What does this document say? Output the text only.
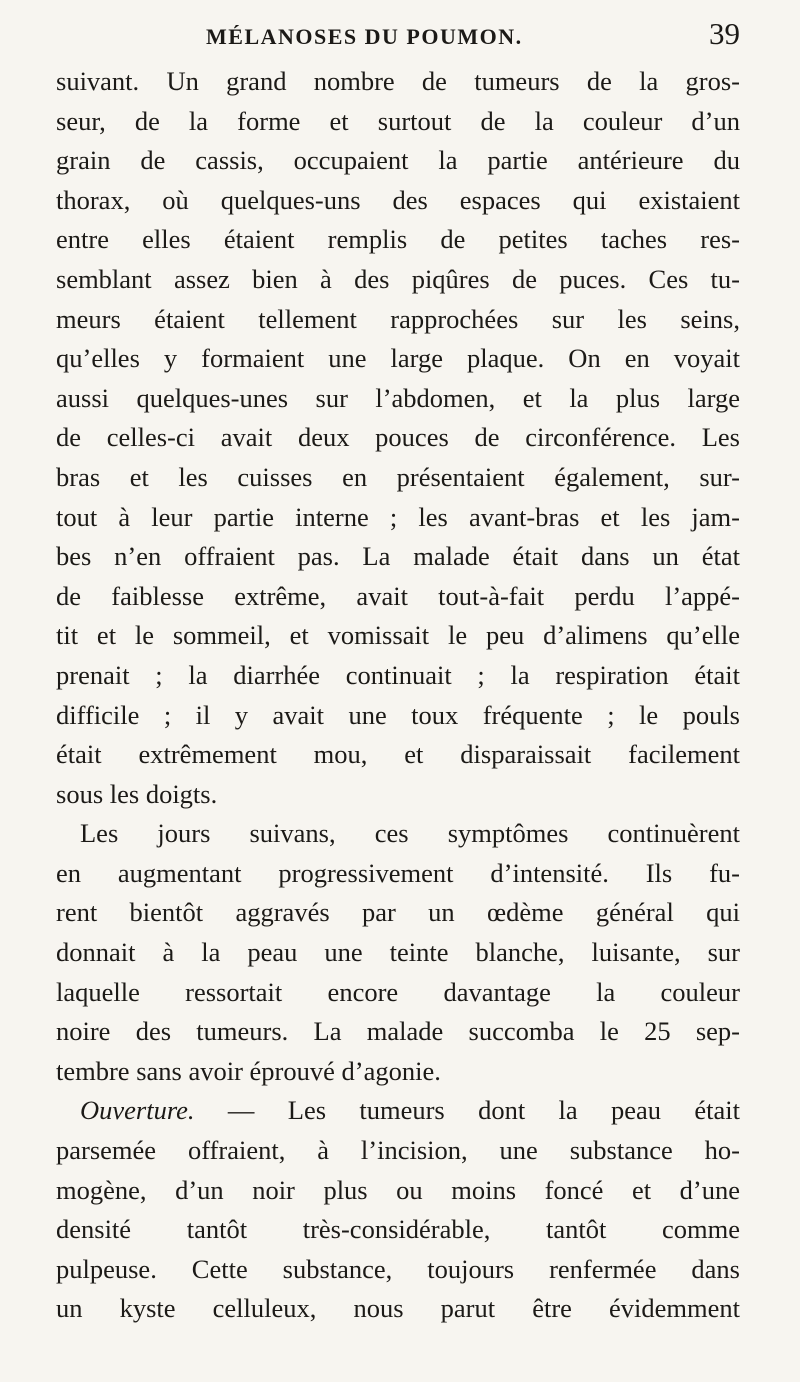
MÉLANOSES DU POUMON.	39
suivant. Un grand nombre de tumeurs de la gros-
seur, de la forme et surtout de la couleur d’un
grain de cassis, occupaient la partie antérieure du
thorax, où quelques-uns des espaces qui existaient
entre elles étaient remplis de petites taches res-
semblant assez bien à des piqûres de puces. Ces tu-
meurs étaient tellement rapprochées sur les seins,
qu’elles y formaient une large plaque. On en voyait
aussi quelques-unes sur l’abdomen, et la plus large
de celles-ci avait deux pouces de circonférence. Les
bras et les cuisses en présentaient également, sur-
tout à leur partie interne ; les avant-bras et les jam-
bes n’en offraient pas. La malade était dans un état
de faiblesse extrême, avait tout-à-fait perdu l’appé-
tit et le sommeil, et vomissait le peu d’alimens qu’elle
prenait ; la diarrhée continuait ; la respiration était
difficile ; il y avait une toux fréquente ; le pouls
était extrêmement mou, et disparaissait facilement
sous les doigts.
Les jours suivans, ces symptômes continuèrent
en augmentant progressivement d’intensité. Ils fu-
rent bientôt aggravés par un œdème général qui
donnait à la peau une teinte blanche, luisante, sur
laquelle ressortait encore davantage la couleur
noire des tumeurs. La malade succomba le 25 sep-
tembre sans avoir éprouvé d’agonie.
Ouverture. — Les tumeurs dont la peau était
parsemée offraient, à l’incision, une substance ho-
mogène, d’un noir plus ou moins foncé et d’une
densité tantôt très-considérable, tantôt comme
pulpeuse. Cette substance, toujours renfermée dans
un kyste celluleux, nous parut être évidemment
